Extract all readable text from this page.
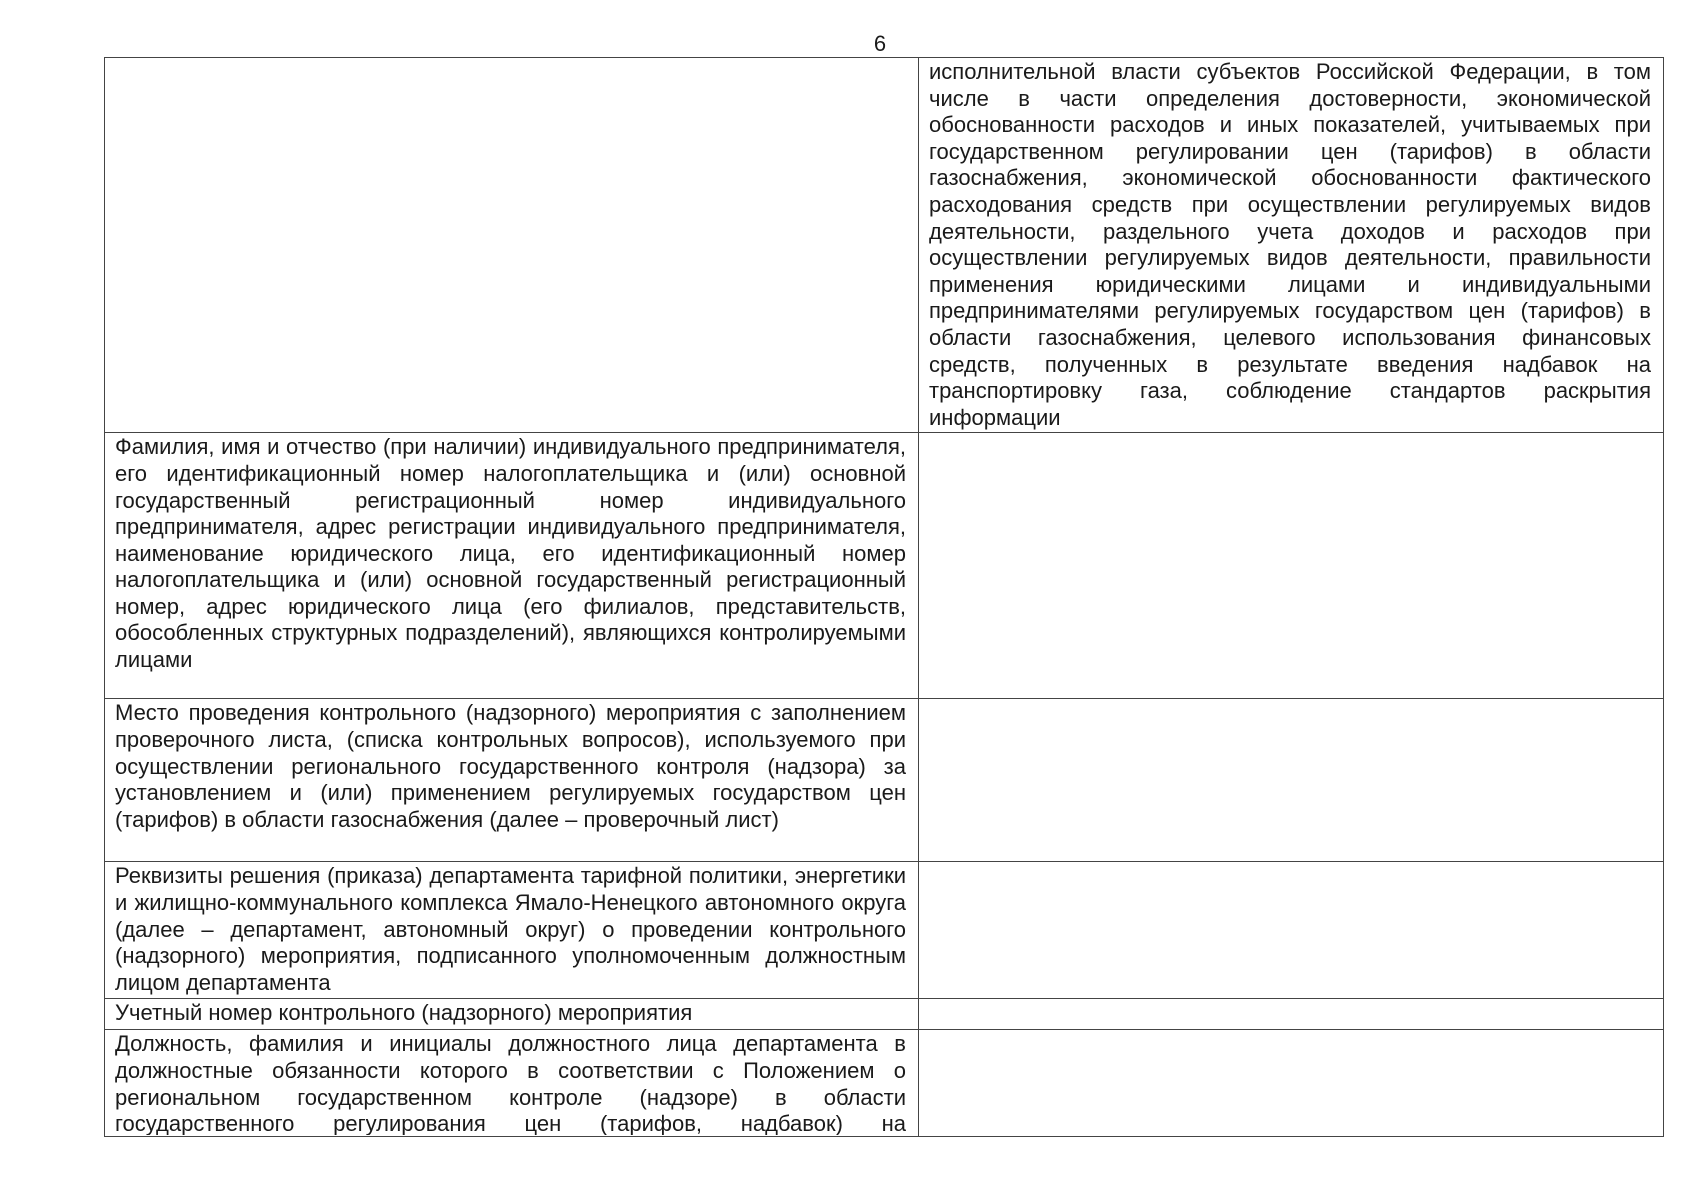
6
	исполнительной власти субъектов Российской Федерации, в том числе в части определения достоверности, экономической обоснованности расходов и иных показателей, учитываемых при государственном регулировании цен (тарифов) в области газоснабжения, экономической обоснованности фактического расходования средств при осуществлении регулируемых видов деятельности, раздельного учета доходов и расходов при осуществлении регулируемых видов деятельности, правильности применения юридическими лицами и индивидуальными предпринимателями регулируемых государством цен (тарифов) в области газоснабжения, целевого использования финансовых средств, полученных в результате введения надбавок на транспортировку газа, соблюдение стандартов раскрытия информации
Фамилия, имя и отчество (при наличии) индивидуального предпринимателя, его идентификационный номер налогоплательщика и (или) основной государственный регистрационный номер индивидуального предпринимателя, адрес регистрации индивидуального предпринимателя, наименование юридического лица, его идентификационный номер налогоплательщика и (или) основной государственный регистрационный номер, адрес юридического лица (его филиалов, представительств, обособленных структурных подразделений), являющихся контролируемыми лицами	
Место проведения контрольного (надзорного) мероприятия с заполнением проверочного листа, (списка контрольных вопросов), используемого при осуществлении регионального государственного контроля (надзора) за установлением и (или) применением регулируемых государством цен (тарифов) в области газоснабжения (далее – проверочный лист)	
Реквизиты решения (приказа) департамента тарифной политики, энергетики и жилищно-коммунального комплекса Ямало-Ненецкого автономного округа (далее – департамент, автономный округ) о проведении контрольного (надзорного) мероприятия, подписанного уполномоченным должностным лицом департамента	
Учетный номер контрольного (надзорного) мероприятия	

Должность, фамилия и инициалы должностного лица департамента в должностные обязанности которого в соответствии с Положением о региональном государственном контроле (надзоре) в области государственного регулирования цен (тарифов, надбавок) на	
